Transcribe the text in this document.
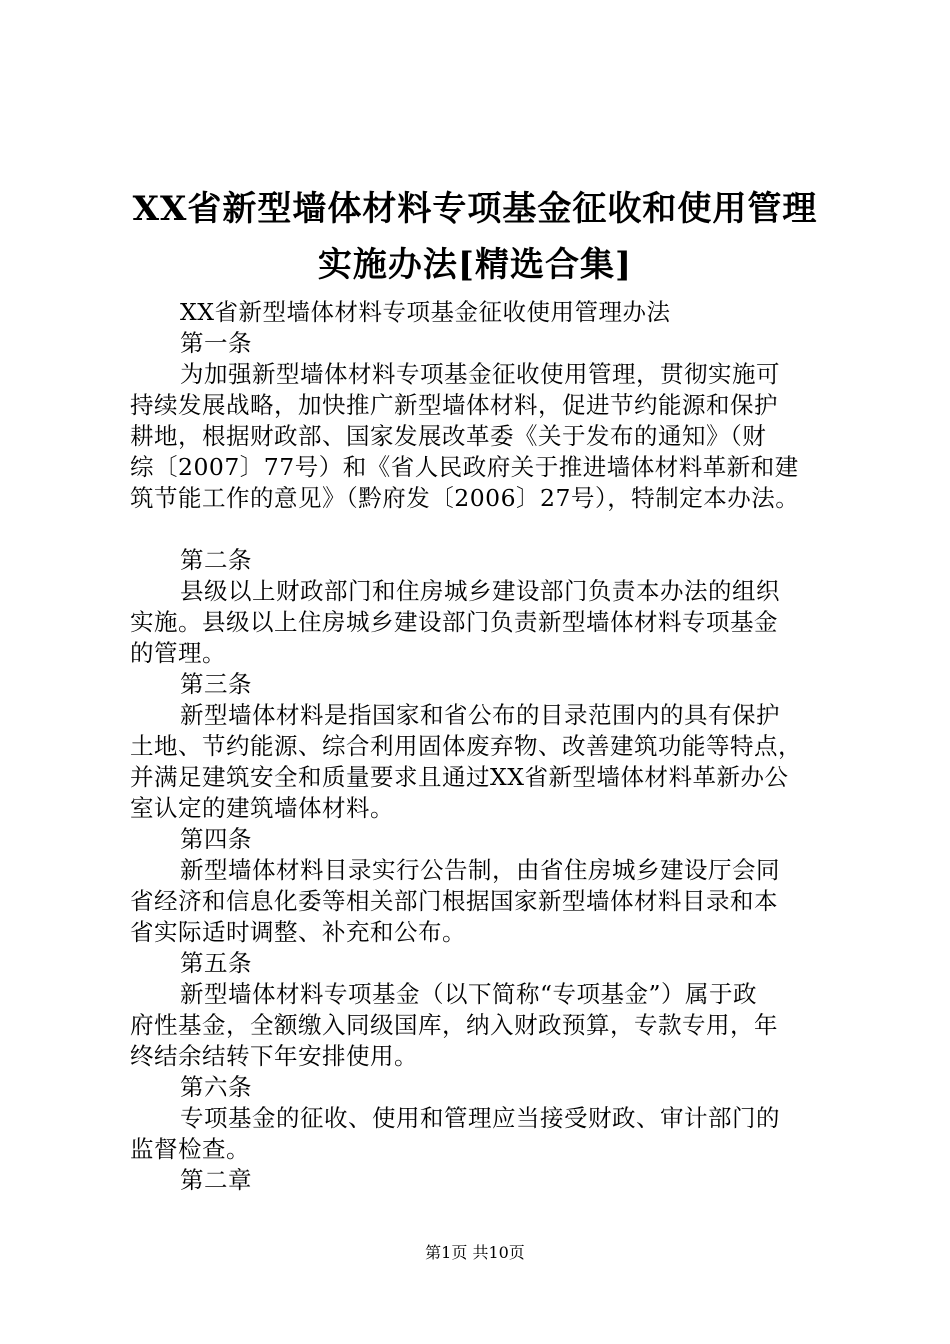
XX省新型墙体材料专项基金征收和使用管理
实施办法[精选合集]
XX省新型墙体材料专项基金征收使用管理办法
第一条
为加强新型墙体材料专项基金征收使用管理，贯彻实施可
持续发展战略，加快推广新型墙体材料，促进节约能源和保护
耕地，根据财政部、国家发展改革委《关于发布的通知》（财
综〔2007〕77号）和《省人民政府关于推进墙体材料革新和建
筑节能工作的意见》（黔府发〔2006〕27号），特制定本办法。
第二条
县级以上财政部门和住房城乡建设部门负责本办法的组织
实施。县级以上住房城乡建设部门负责新型墙体材料专项基金
的管理。
第三条
新型墙体材料是指国家和省公布的目录范围内的具有保护
土地、节约能源、综合利用固体废弃物、改善建筑功能等特点，
并满足建筑安全和质量要求且通过XX省新型墙体材料革新办公
室认定的建筑墙体材料。
第四条
新型墙体材料目录实行公告制，由省住房城乡建设厅会同
省经济和信息化委等相关部门根据国家新型墙体材料目录和本
省实际适时调整、补充和公布。
第五条
新型墙体材料专项基金（以下简称“专项基金”）属于政
府性基金，全额缴入同级国库，纳入财政预算，专款专用，年
终结余结转下年安排使用。
第六条
专项基金的征收、使用和管理应当接受财政、审计部门的
监督检查。
第二章
第1页 共10页
